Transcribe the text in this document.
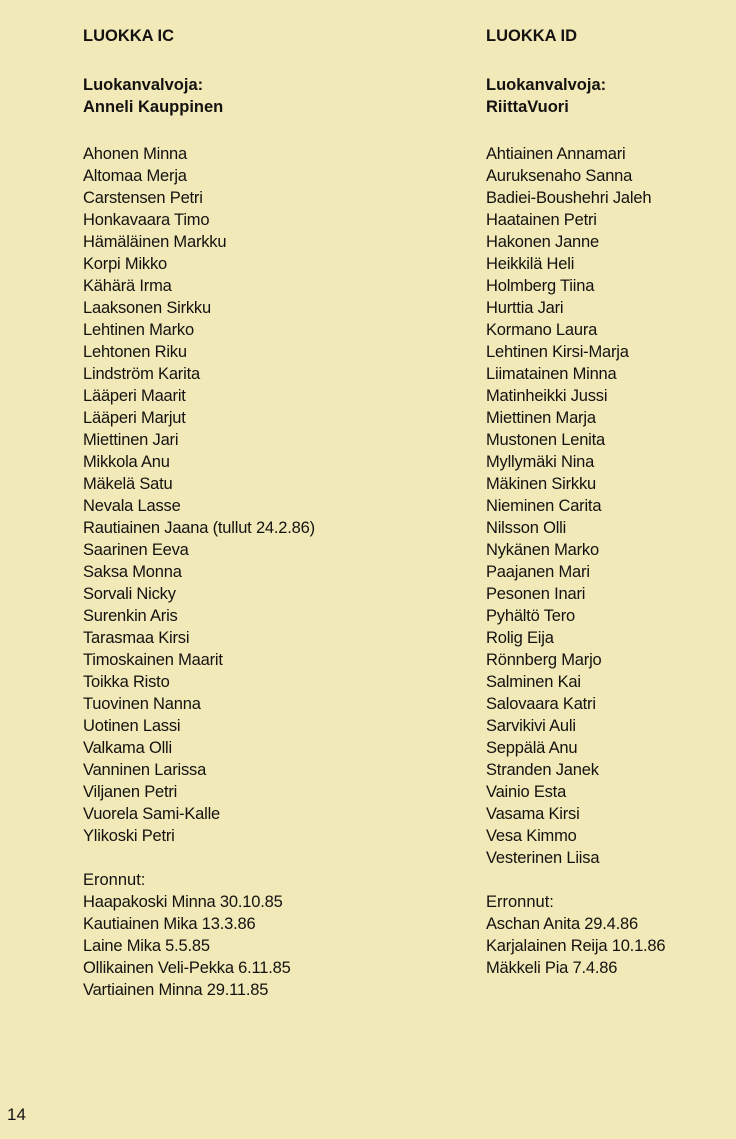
LUOKKA IC
Luokanvalvoja:
Anneli Kauppinen
Ahonen Minna
Altomaa Merja
Carstensen Petri
Honkavaara Timo
Hämäläinen Markku
Korpi Mikko
Kähärä Irma
Laaksonen Sirkku
Lehtinen Marko
Lehtonen Riku
Lindström Karita
Lääperi Maarit
Lääperi Marjut
Miettinen Jari
Mikkola Anu
Mäkelä Satu
Nevala Lasse
Rautiainen Jaana (tullut 24.2.86)
Saarinen Eeva
Saksa Monna
Sorvali Nicky
Surenkin Aris
Tarasmaa Kirsi
Timoskainen Maarit
Toikka Risto
Tuovinen Nanna
Uotinen Lassi
Valkama Olli
Vanninen Larissa
Viljanen Petri
Vuorela Sami-Kalle
Ylikoski Petri
Eronnut:
Haapakoski Minna 30.10.85
Kautiainen Mika 13.3.86
Laine Mika 5.5.85
Ollikainen Veli-Pekka 6.11.85
Vartiainen Minna 29.11.85
LUOKKA ID
Luokanvalvoja:
RiittaVuori
Ahtiainen Annamari
Auruksenaho Sanna
Badiei-Boushehri Jaleh
Haatainen Petri
Hakonen Janne
Heikkilä Heli
Holmberg Tiina
Hurttia Jari
Kormano Laura
Lehtinen Kirsi-Marja
Liimatainen Minna
Matinheikki Jussi
Miettinen Marja
Mustonen Lenita
Myllymäki Nina
Mäkinen Sirkku
Nieminen Carita
Nilsson Olli
Nykänen Marko
Paajanen Mari
Pesonen Inari
Pyhältö Tero
Rolig Eija
Rönnberg Marjo
Salminen Kai
Salovaara Katri
Sarvikivi Auli
Seppälä Anu
Stranden Janek
Vainio Esta
Vasama Kirsi
Vesa Kimmo
Vesterinen Liisa
Erronnut:
Aschan Anita 29.4.86
Karjalainen Reija 10.1.86
Mäkkeli Pia 7.4.86
14
